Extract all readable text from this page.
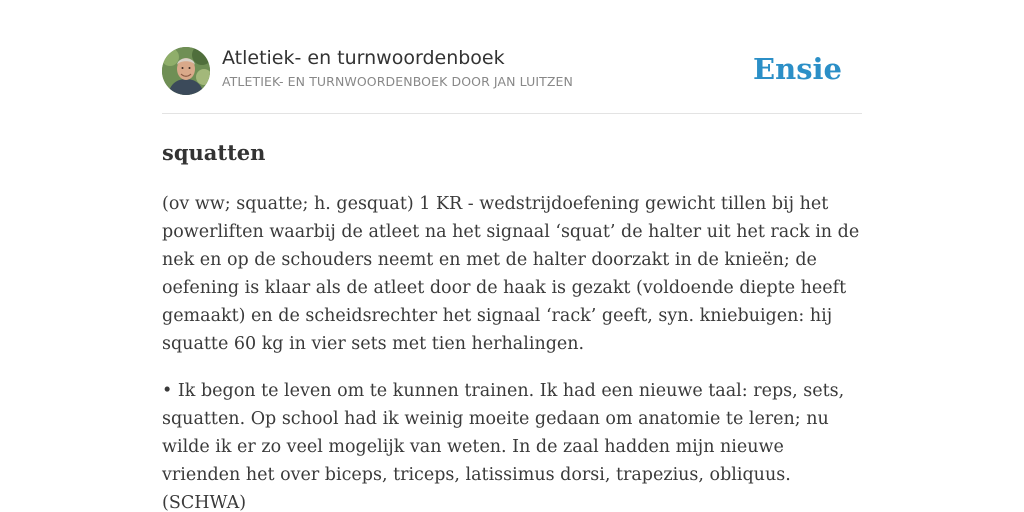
Atletiek- en turnwoordenboek
ATLETIEK- EN TURNWOORDENBOEK DOOR JAN LUITZEN	Ensie
squatten

(ov ww; squatte; h. gesquat) 1 KR - wedstrijdoefening gewicht tillen bij het powerliften waarbij de atleet na het signaal ‘squat’ de halter uit het rack in de nek en op de schouders neemt en met de halter doorzakt in de knieën; de oefening is klaar als de atleet door de haak is gezakt (voldoende diepte heeft gemaakt) en de scheidsrechter het signaal ‘rack’ geeft, syn. kniebuigen: hij squatte 60 kg in vier sets met tien herhalingen.

• Ik begon te leven om te kunnen trainen. Ik had een nieuwe taal: reps, sets, squatten. Op school had ik weinig moeite gedaan om anatomie te leren; nu wilde ik er zo veel mogelijk van weten. In de zaal hadden mijn nieuwe vrienden het over biceps, triceps, latissimus dorsi, trapezius, obliquus. (SCHWA)
